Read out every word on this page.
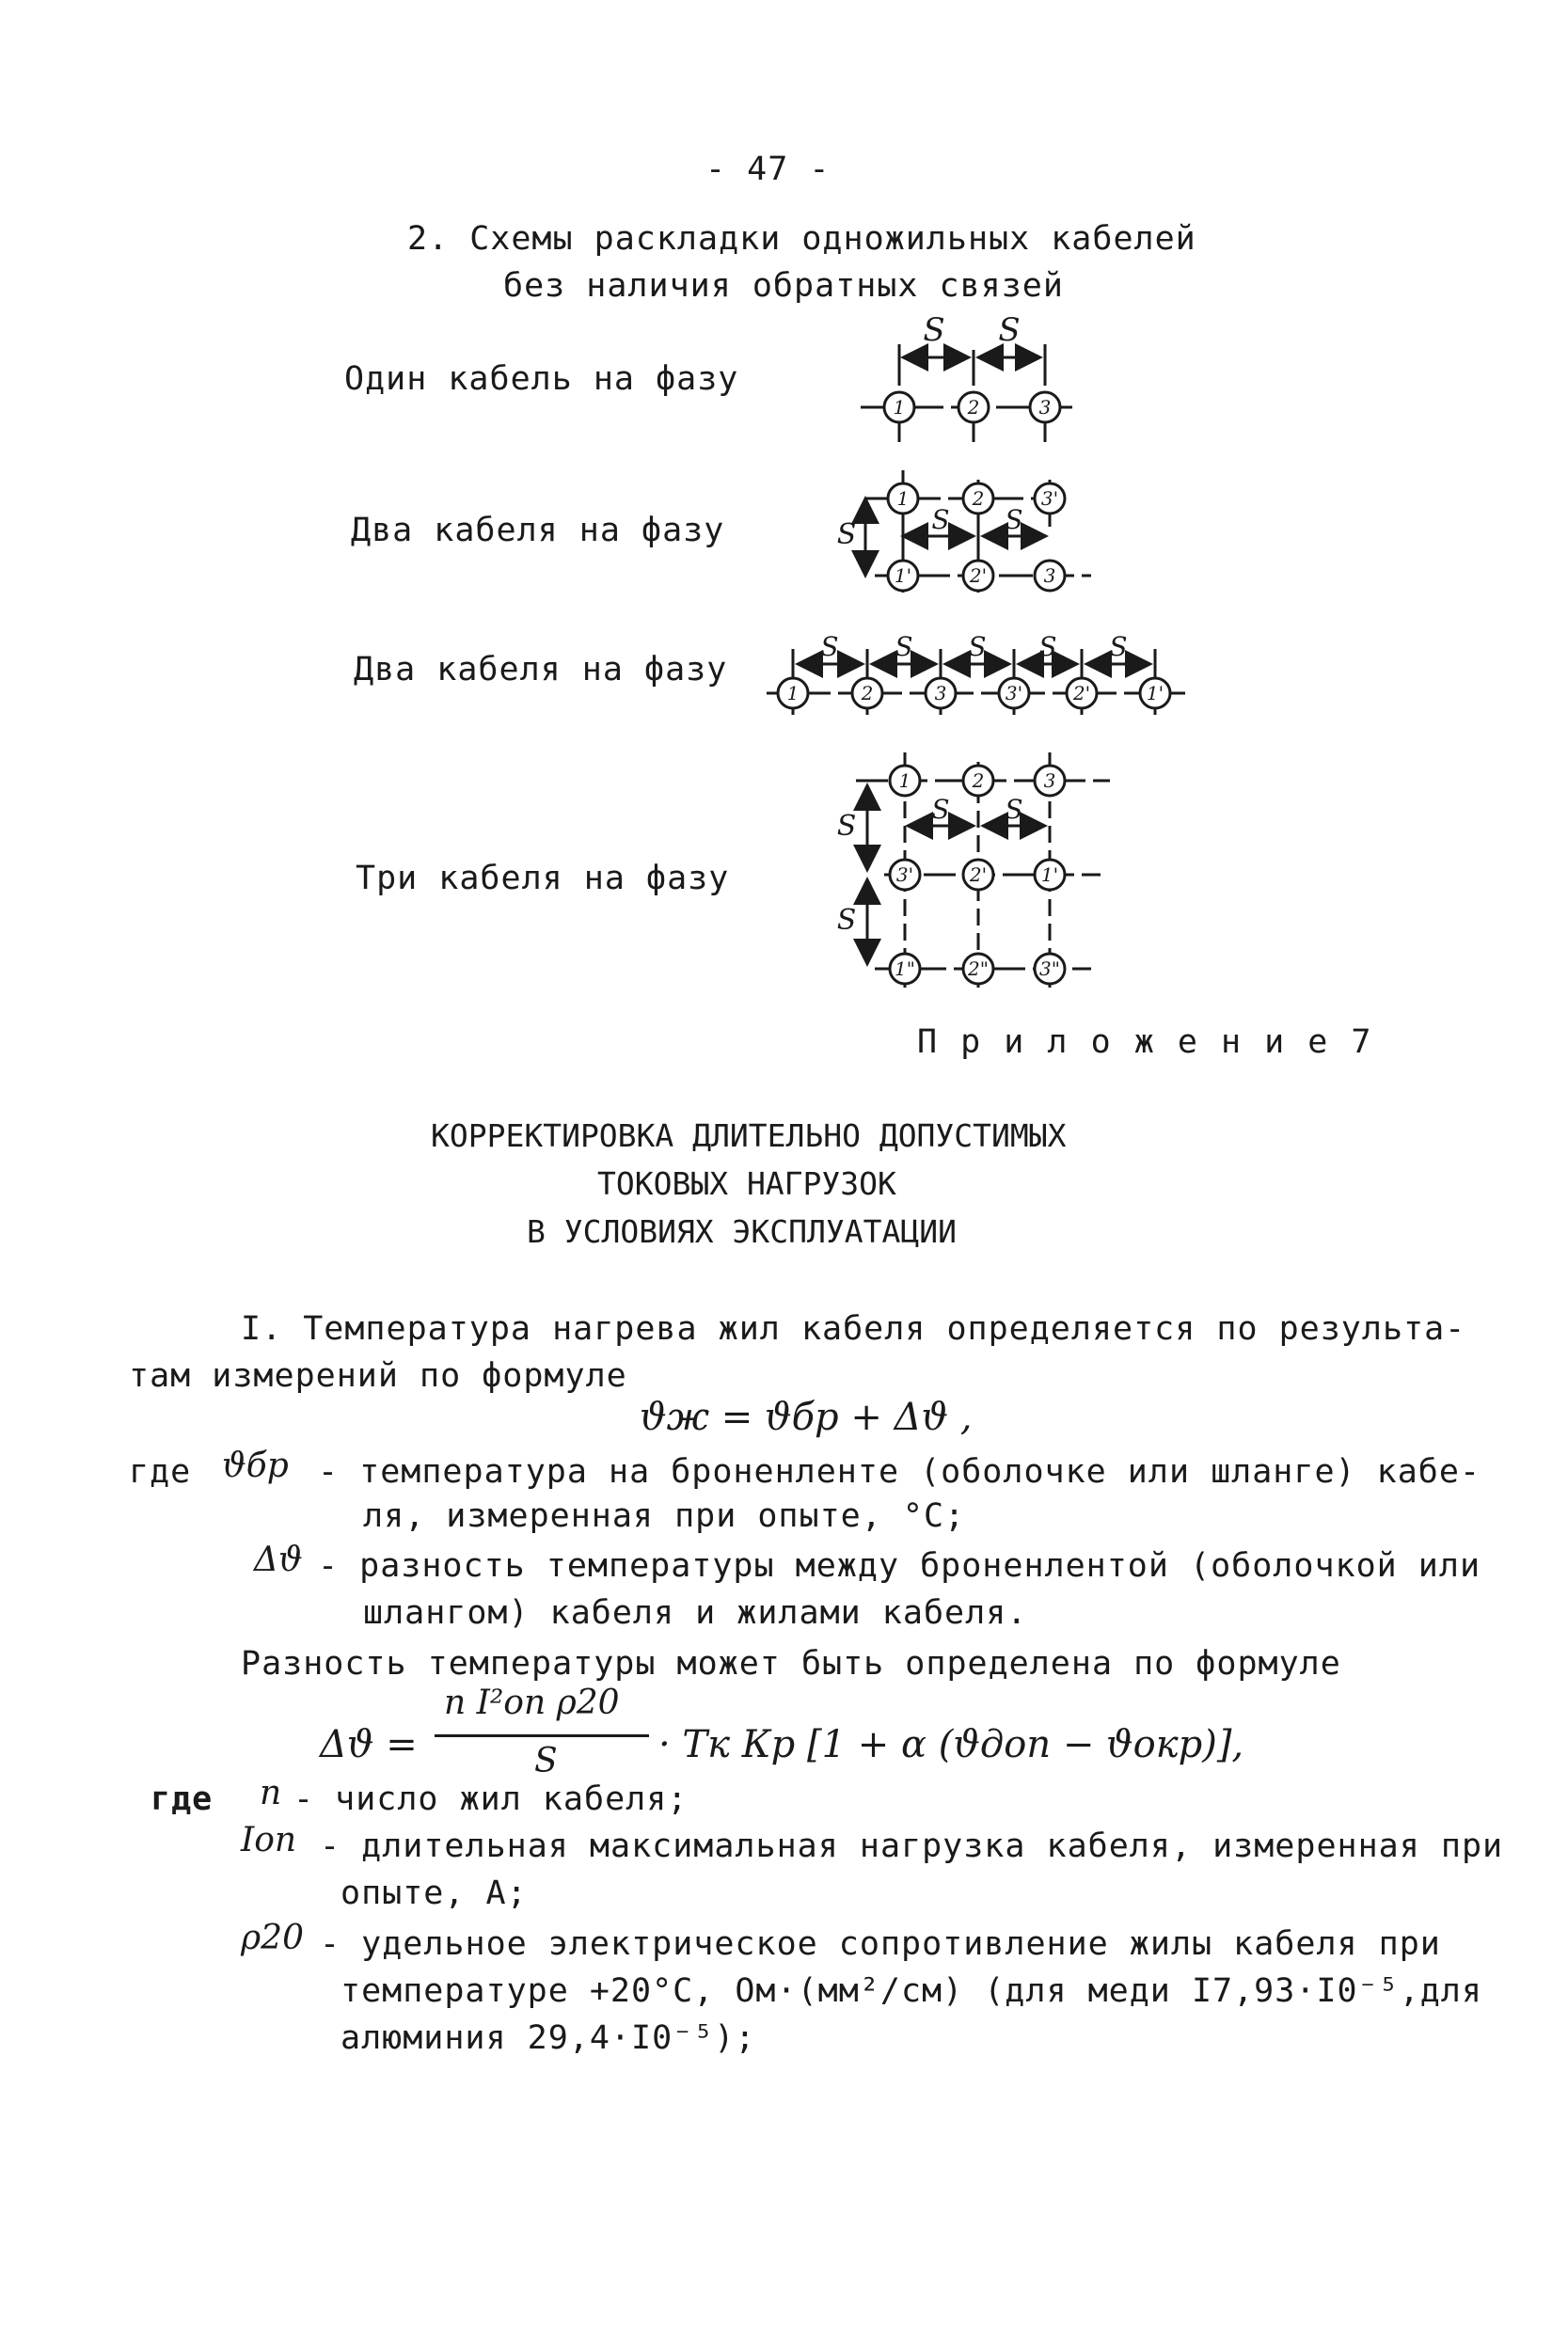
- 47 -
2. Схемы раскладки одножильных кабелей
без наличия обратных связей
Один кабель на фазу
Два кабеля на фазу
Два кабеля на фазу
Три кабеля на фазу
S S
1	2	3
S S
S
1	2	3'
1'	2'	3
S S S S S
1	2	3	3'	2'	1'
S S
S
S
1	2	3
3'	2'	1'
1"	2"	3"
П р и л о ж е н и е 7
КОРРЕКТИРОВКА ДЛИТЕЛЬНО ДОПУСТИМЫХ
ТОКОВЫХ НАГРУЗОК
В УСЛОВИЯХ ЭКСПЛУАТАЦИИ
I. Температура нагрева жил кабеля определяется по результа-
там измерений по формуле
ϑж = ϑбр + Δϑ ,
где ϑбр - температура на броненленте (оболочке или шланге) кабе-
ля, измеренная при опыте, °С;
Δϑ - разность температуры между броненлентой (оболочкой или
шлангом) кабеля и жилами кабеля.
Разность температуры может быть определена по формуле
Δϑ =
n I²оп ρ20
S	· Тк Кр [1 + α (ϑдоп − ϑокр)],
где n - число жил кабеля;
Iоп - длительная максимальная нагрузка кабеля, измеренная при
опыте, А;
ρ20 - удельное электрическое сопротивление жилы кабеля при
температуре +20°С, Ом·(мм²/см) (для меди I7,93·I0⁻⁵,для
алюминия 29,4·I0⁻⁵);
